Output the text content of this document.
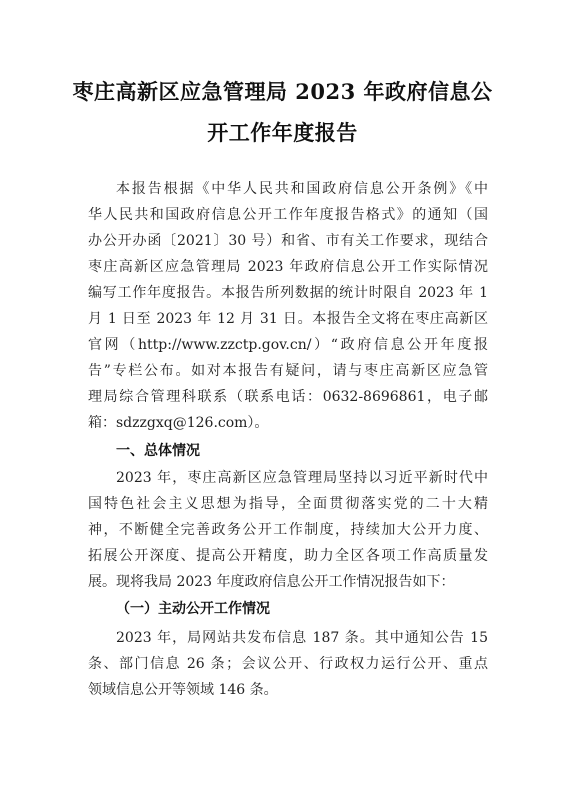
枣庄高新区应急管理局 2023 年政府信息公
开工作年度报告
本报告根据《中华人民共和国政府信息公开条例》《中
华人民共和国政府信息公开工作年度报告格式》的通知（国
办公开办函〔2021〕30 号）和省、市有关工作要求，现结合
枣庄高新区应急管理局 2023 年政府信息公开工作实际情况
编写工作年度报告。本报告所列数据的统计时限自 2023 年 1
月 1 日至 2023 年 12 月 31 日。本报告全文将在枣庄高新区
官网（http://www.zzctp.gov.cn/）“政府信息公开年度报
告”专栏公布。如对本报告有疑问，请与枣庄高新区应急管
理局综合管理科联系（联系电话：0632-8696861，电子邮
箱：sdzzgxq@126.com）。
一、总体情况
2023 年，枣庄高新区应急管理局坚持以习近平新时代中
国特色社会主义思想为指导，全面贯彻落实党的二十大精
神，不断健全完善政务公开工作制度，持续加大公开力度、
拓展公开深度、提高公开精度，助力全区各项工作高质量发
展。现将我局 2023 年度政府信息公开工作情况报告如下：
（一）主动公开工作情况
2023 年，局网站共发布信息 187 条。其中通知公告 15
条、部门信息 26 条；会议公开、行政权力运行公开、重点
领域信息公开等领域 146 条。
